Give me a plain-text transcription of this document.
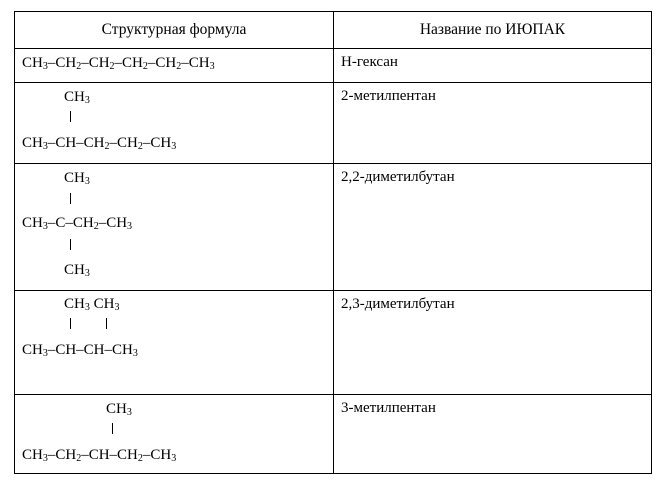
Структурная формула	Название по ИЮПАК

$CH_3-CH_2-CH_2-CH_2-CH_2-CH_3$	Н-гексан

$CH_3$
$CH_3-CH-CH_2-CH_2-CH_3$	2-метилпентан

$CH_3$
$CH_3-C-CH_2-CH_3$
$CH_3$	2,2-диметилбутан

$CH_3$ $CH_3$
$CH_3-CH-CH-CH_3$	2,3-диметилбутан

$CH_3$
$CH_3-CH_2-CH-CH_2-CH_3$	3-метилпентан
